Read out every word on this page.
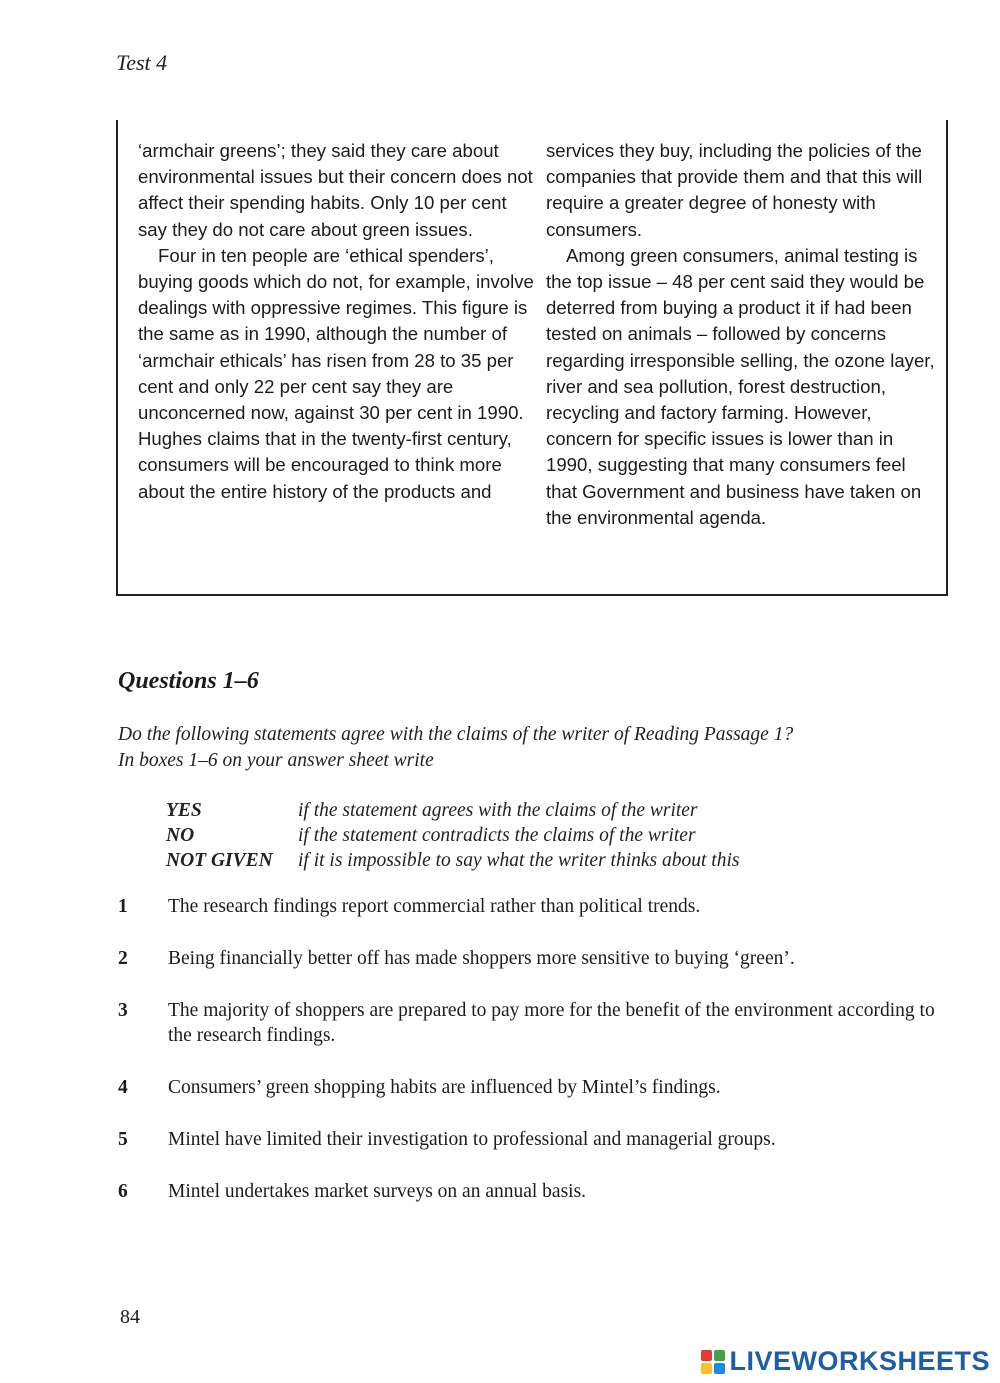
Test 4

‘armchair greens’; they said they care about environmental issues but their concern does not affect their spending habits. Only 10 per cent say they do not care about green issues.

Four in ten people are ‘ethical spenders’, buying goods which do not, for example, involve dealings with oppressive regimes. This figure is the same as in 1990, although the number of ‘armchair ethicals’ has risen from 28 to 35 per cent and only 22 per cent say they are unconcerned now, against 30 per cent in 1990. Hughes claims that in the twenty-first century, consumers will be encouraged to think more about the entire history of the products and

services they buy, including the policies of the companies that provide them and that this will require a greater degree of honesty with consumers.

Among green consumers, animal testing is the top issue – 48 per cent said they would be deterred from buying a product it if had been tested on animals – followed by concerns regarding irresponsible selling, the ozone layer, river and sea pollution, forest destruction, recycling and factory farming. However, concern for specific issues is lower than in 1990, suggesting that many consumers feel that Government and business have taken on the environmental agenda.

Questions 1–6
Do the following statements agree with the claims of the writer of Reading Passage 1?
In boxes 1–6 on your answer sheet write
YES	if the statement agrees with the claims of the writer
NO	if the statement contradicts the claims of the writer
NOT GIVEN	if it is impossible to say what the writer thinks about this
1	The research findings report commercial rather than political trends.
2	Being financially better off has made shoppers more sensitive to buying ‘green’.
3	The majority of shoppers are prepared to pay more for the benefit of the environment according to the research findings.
4	Consumers’ green shopping habits are influenced by Mintel’s findings.
5	Mintel have limited their investigation to professional and managerial groups.
6	Mintel undertakes market surveys on an annual basis.
84
LIVEWORKSHEETS
